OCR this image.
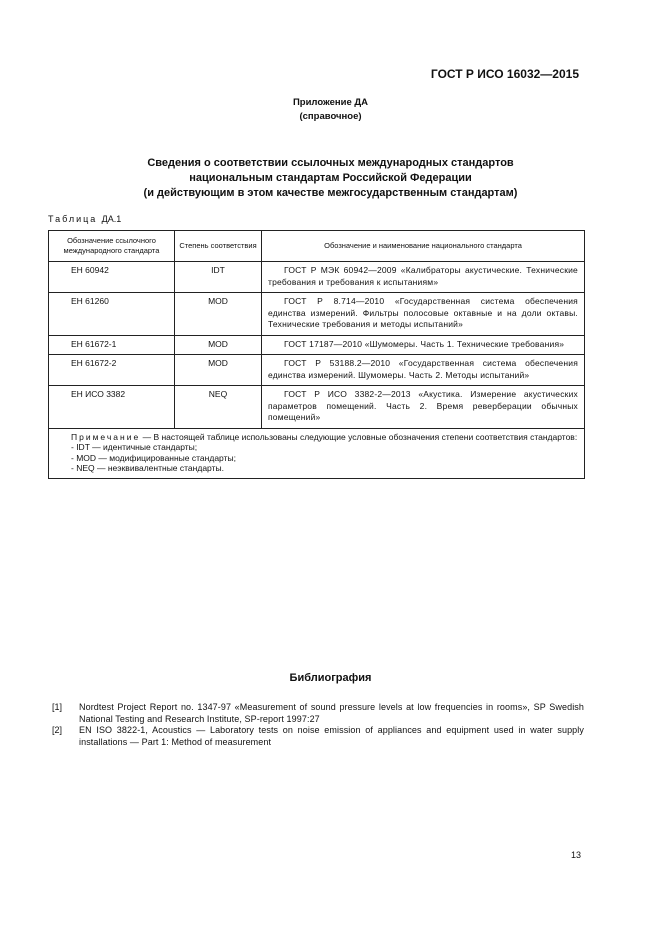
ГОСТ Р ИСО 16032—2015
Приложение ДА
(справочное)
Сведения о соответствии ссылочных международных стандартов
национальным стандартам Российской Федерации
(и действующим в этом качестве межгосударственным стандартам)
Таблица ДА.1
Обозначение ссылочного международного стандарта	Степень соответствия	Обозначение и наименование национального стандарта
ЕН 60942	IDT	ГОСТ Р МЭК 60942—2009 «Калибраторы акустические. Технические требования и требования к испытаниям»
ЕН 61260	MOD	ГОСТ Р 8.714—2010 «Государственная система обеспечения единства измерений. Фильтры полосовые октавные и на доли октавы. Технические требования и методы испытаний»
ЕН 61672-1	MOD	ГОСТ 17187—2010 «Шумомеры. Часть 1. Технические требования»
ЕН 61672-2	MOD	ГОСТ Р 53188.2—2010 «Государственная система обеспечения единства измерений. Шумомеры. Часть 2. Методы испытаний»
ЕН ИСО 3382	NEQ	ГОСТ Р ИСО 3382-2—2013 «Акустика. Измерение акустических параметров помещений. Часть 2. Время реверберации обычных помещений»

Примечание — В настоящей таблице использованы следующие условные обозначения степени соответствия стандартов:
- IDT — идентичные стандарты;
- MOD — модифицированные стандарты;
- NEQ — неэквивалентные стандарты.		
Библиография
[1] Nordtest Project Report no. 1347-97 «Measurement of sound pressure levels at low frequencies in rooms», SP Swedish National Testing and Research Institute, SP-report 1997:27
[2] EN ISO 3822-1, Acoustics — Laboratory tests on noise emission of appliances and equipment used in water supply installations — Part 1: Method of measurement
13
